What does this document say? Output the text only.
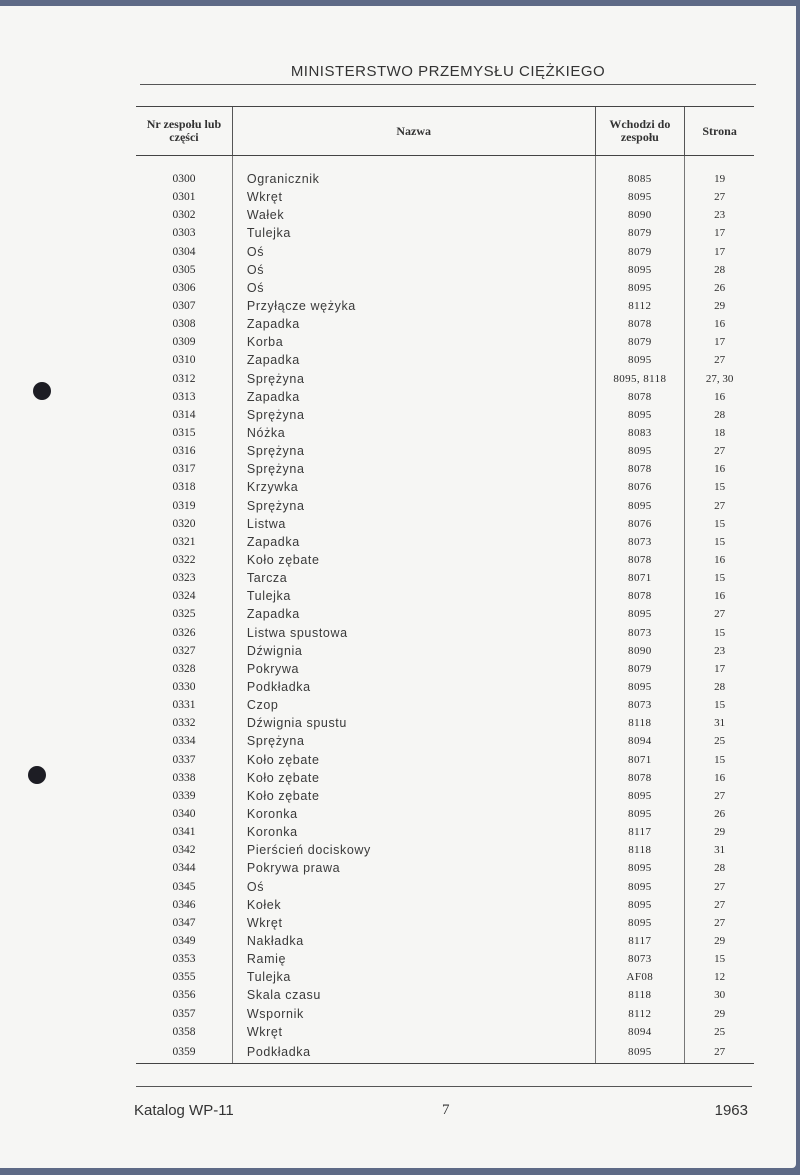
MINISTERSTWO PRZEMYSŁU CIĘŻKIEGO
Nr zespołu lub części	Nazwa	Wchodzi do zespołu	Strona

0300	Ogranicznik	8085	19
0301	Wkręt	8095	27
0302	Wałek	8090	23
0303	Tulejka	8079	17
0304	Oś	8079	17
0305	Oś	8095	28
0306	Oś	8095	26
0307	Przyłącze wężyka	8112	29
0308	Zapadka	8078	16
0309	Korba	8079	17
0310	Zapadka	8095	27
0312	Sprężyna	8095, 8118	27, 30
0313	Zapadka	8078	16
0314	Sprężyna	8095	28
0315	Nóżka	8083	18
0316	Sprężyna	8095	27
0317	Sprężyna	8078	16
0318	Krzywka	8076	15
0319	Sprężyna	8095	27
0320	Listwa	8076	15
0321	Zapadka	8073	15
0322	Koło zębate	8078	16
0323	Tarcza	8071	15
0324	Tulejka	8078	16
0325	Zapadka	8095	27
0326	Listwa spustowa	8073	15
0327	Dźwignia	8090	23
0328	Pokrywa	8079	17
0330	Podkładka	8095	28
0331	Czop	8073	15
0332	Dźwignia spustu	8118	31
0334	Sprężyna	8094	25
0337	Koło zębate	8071	15
0338	Koło zębate	8078	16
0339	Koło zębate	8095	27
0340	Koronka	8095	26
0341	Koronka	8117	29
0342	Pierścień dociskowy	8118	31
0344	Pokrywa prawa	8095	28
0345	Oś	8095	27
0346	Kołek	8095	27
0347	Wkręt	8095	27
0349	Nakładka	8117	29
0353	Ramię	8073	15
0355	Tulejka	AF08	12
0356	Skala czasu	8118	30
0357	Wspornik	8112	29
0358	Wkręt	8094	25
0359	Podkładka	8095	27
Katalog WP-11	7	1963
